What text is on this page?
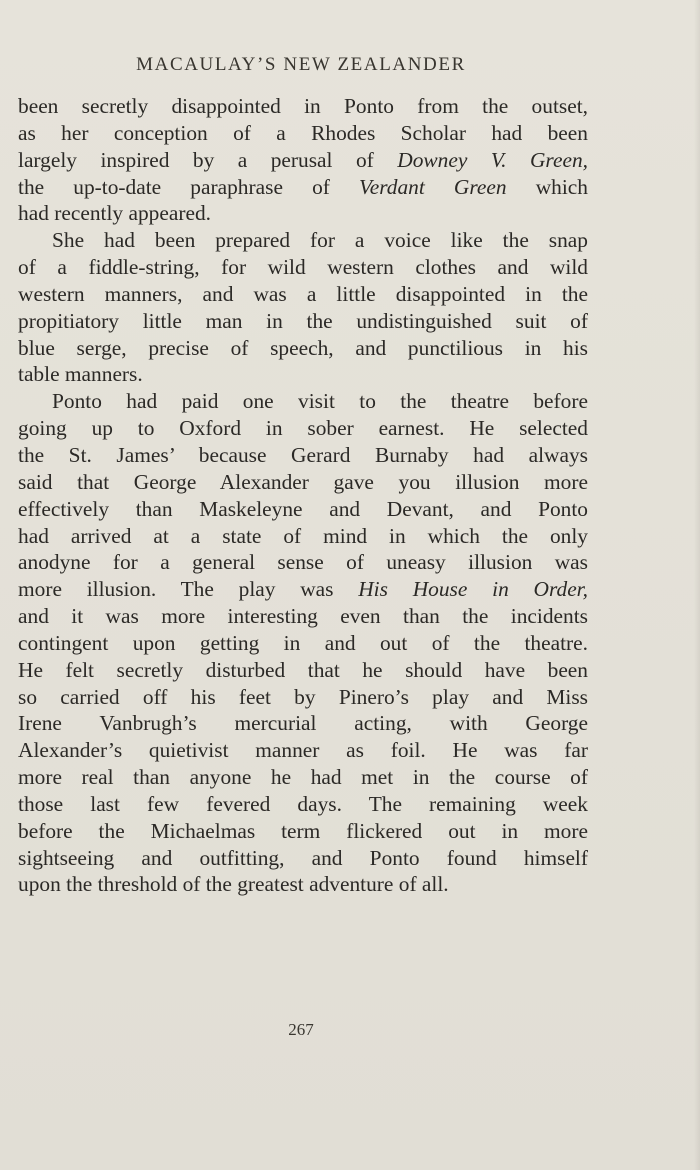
MACAULAY’S NEW ZEALANDER
been secretly disappointed in Ponto from the outset,
as her conception of a Rhodes Scholar had been
largely inspired by a perusal of Downey V. Green,
the up-to-date paraphrase of Verdant Green which
had recently appeared.
She had been prepared for a voice like the snap
of a fiddle-string, for wild western clothes and wild
western manners, and was a little disappointed in the
propitiatory little man in the undistinguished suit of
blue serge, precise of speech, and punctilious in his
table manners.
Ponto had paid one visit to the theatre before
going up to Oxford in sober earnest. He selected
the St. James’ because Gerard Burnaby had always
said that George Alexander gave you illusion more
effectively than Maskeleyne and Devant, and Ponto
had arrived at a state of mind in which the only
anodyne for a general sense of uneasy illusion was
more illusion. The play was His House in Order,
and it was more interesting even than the incidents
contingent upon getting in and out of the theatre.
He felt secretly disturbed that he should have been
so carried off his feet by Pinero’s play and Miss
Irene Vanbrugh’s mercurial acting, with George
Alexander’s quietivist manner as foil. He was far
more real than anyone he had met in the course of
those last few fevered days. The remaining week
before the Michaelmas term flickered out in more
sightseeing and outfitting, and Ponto found himself
upon the threshold of the greatest adventure of all.
267
